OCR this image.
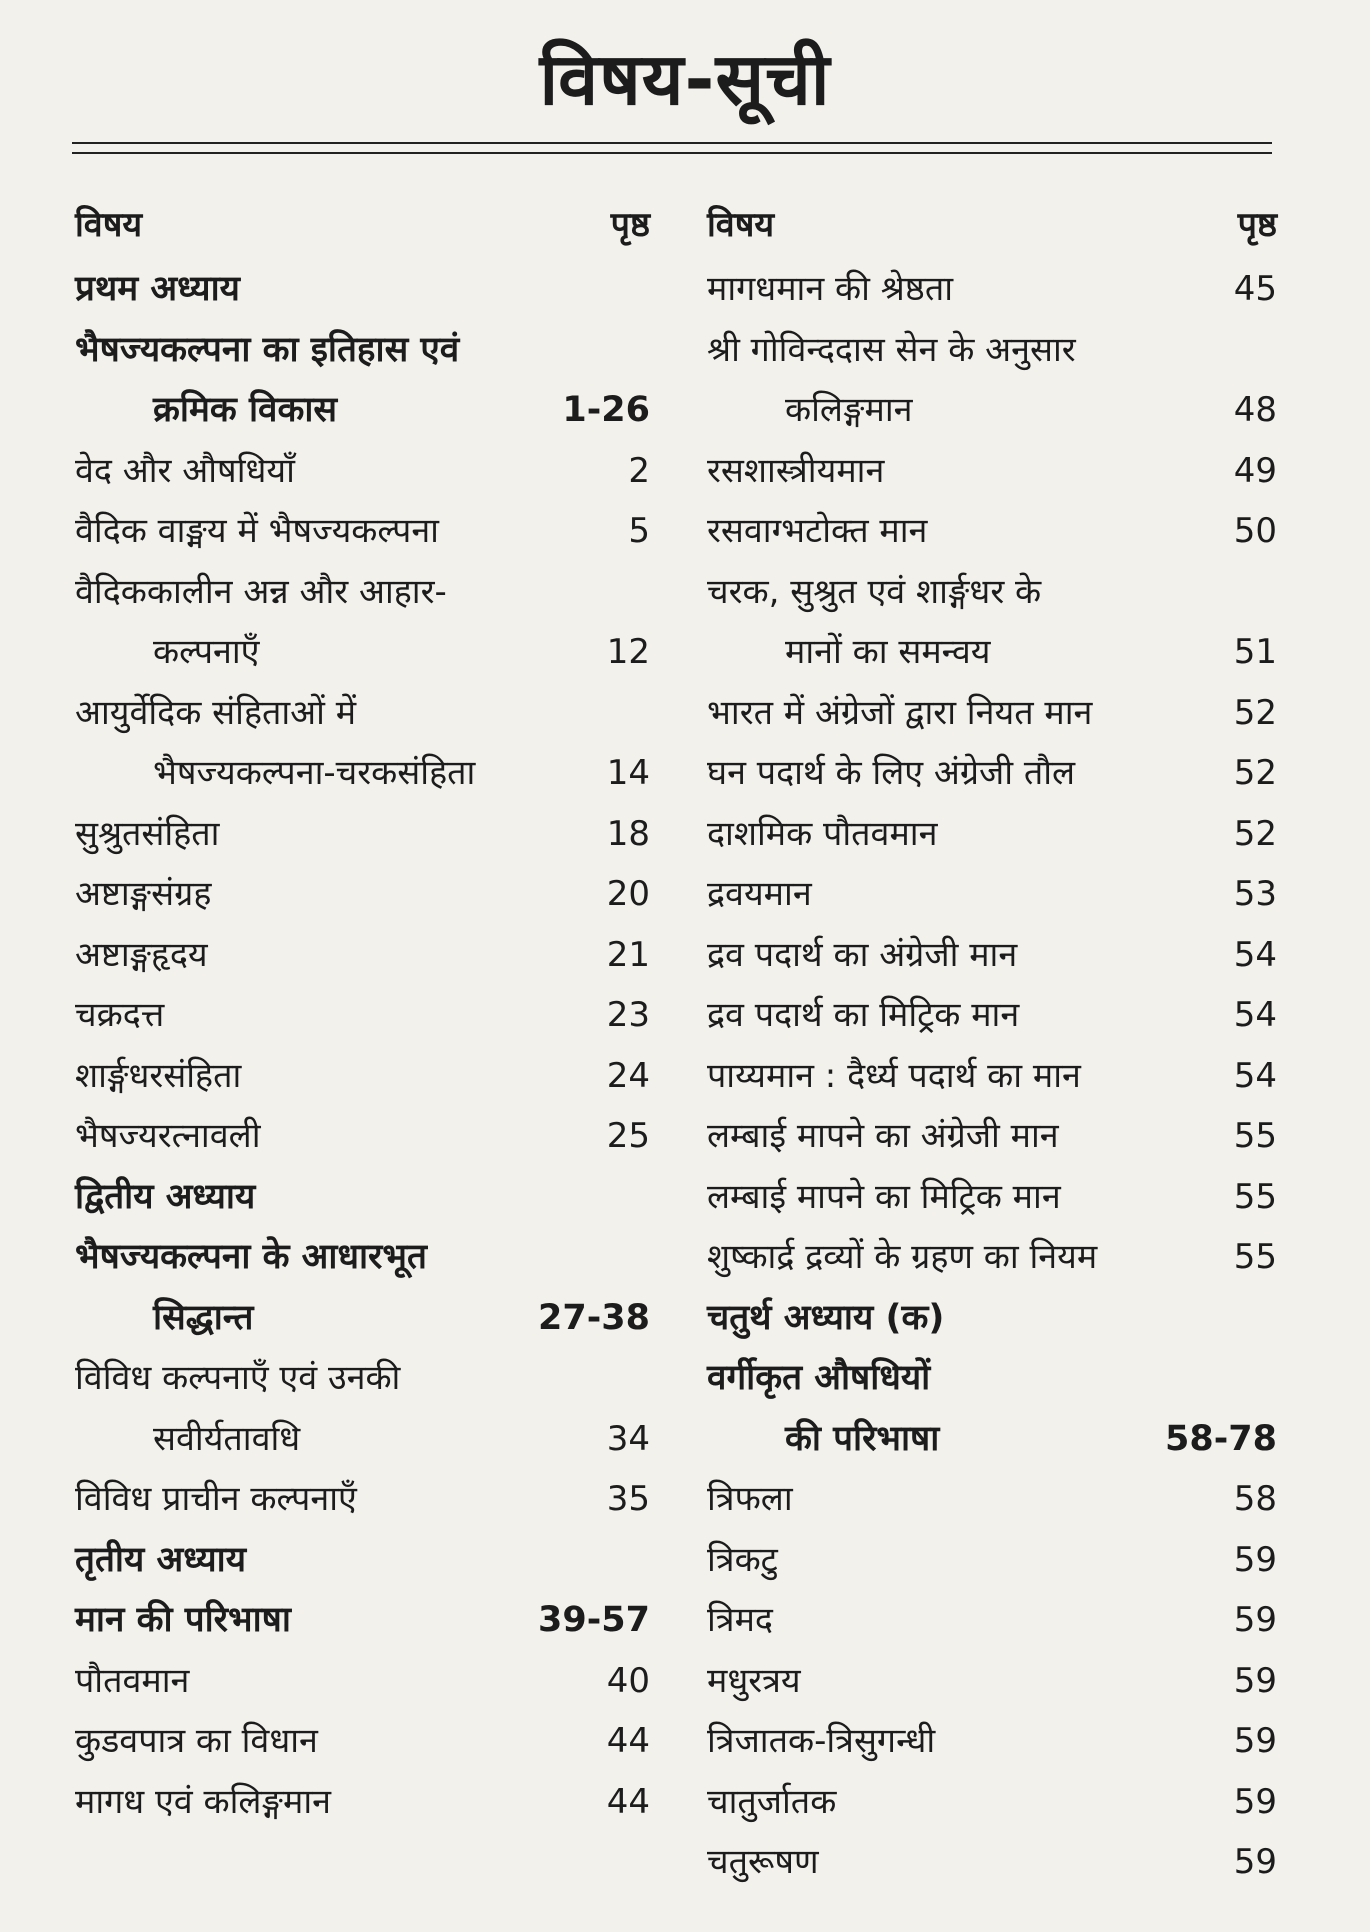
विषय-सूची
विषय	पृष्ठ
प्रथम अध्याय
भैषज्यकल्पना का इतिहास एवं
क्रमिक विकास	1-26
वेद और औषधियाँ	2
वैदिक वाङ्मय में भैषज्यकल्पना	5
वैदिककालीन अन्न और आहार-
कल्पनाएँ	12
आयुर्वेदिक संहिताओं में
भैषज्यकल्पना-चरकसंहिता	14
सुश्रुतसंहिता	18
अष्टाङ्गसंग्रह	20
अष्टाङ्गहृदय	21
चक्रदत्त	23
शार्ङ्गधरसंहिता	24
भैषज्यरत्नावली	25
द्वितीय अध्याय
भैषज्यकल्पना के आधारभूत
सिद्धान्त	27-38
विविध कल्पनाएँ एवं उनकी
सवीर्यतावधि	34
विविध प्राचीन कल्पनाएँ	35
तृतीय अध्याय
मान की परिभाषा	39-57
पौतवमान	40
कुडवपात्र का विधान	44
मागध एवं कलिङ्गमान	44
विषय	पृष्ठ
मागधमान की श्रेष्ठता	45
श्री गोविन्ददास सेन के अनुसार
कलिङ्गमान	48
रसशास्त्रीयमान	49
रसवाग्भटोक्त मान	50
चरक, सुश्रुत एवं शार्ङ्गधर के
मानों का समन्वय	51
भारत में अंग्रेजों द्वारा नियत मान	52
घन पदार्थ के लिए अंग्रेजी तौल	52
दाशमिक पौतवमान	52
द्रवयमान	53
द्रव पदार्थ का अंग्रेजी मान	54
द्रव पदार्थ का मिट्रिक मान	54
पाय्यमान : दैर्ध्य पदार्थ का मान	54
लम्बाई मापने का अंग्रेजी मान	55
लम्बाई मापने का मिट्रिक मान	55
शुष्कार्द्र द्रव्यों के ग्रहण का नियम	55
चतुर्थ अध्याय (क)
वर्गीकृत औषधियों
की परिभाषा	58-78
त्रिफला	58
त्रिकटु	59
त्रिमद	59
मधुरत्रय	59
त्रिजातक-त्रिसुगन्धी	59
चातुर्जातक	59
चतुरूषण	59
